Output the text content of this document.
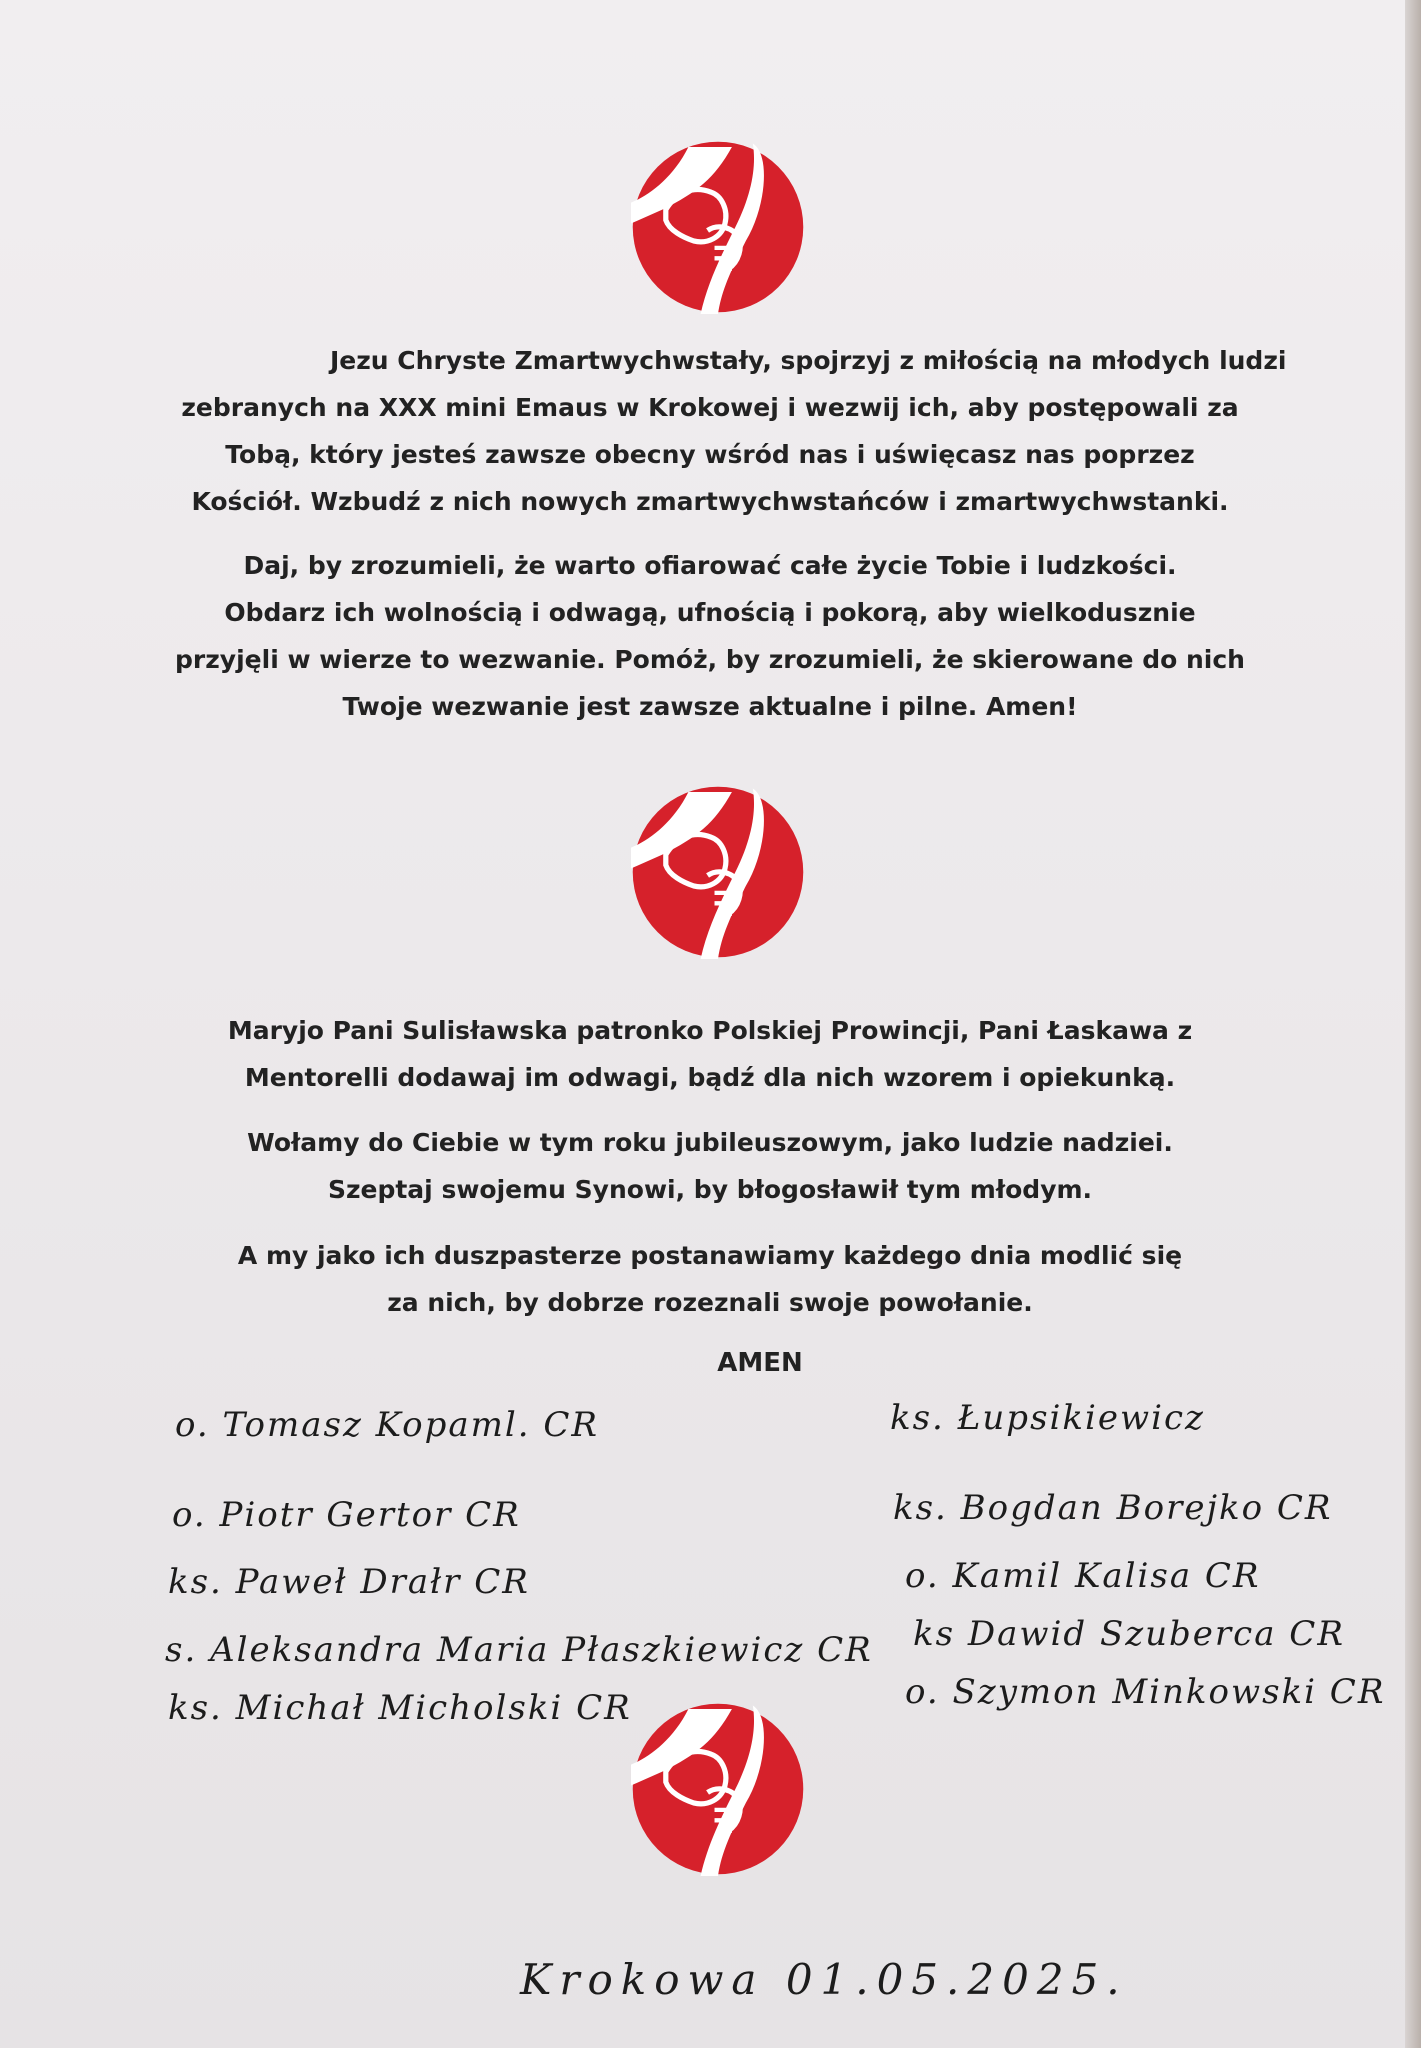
Jezu Chryste Zmartwychwstały, spojrzyj z miłością na młodych ludzi
zebranych na XXX mini Emaus w Krokowej i wezwij ich, aby postępowali za
Tobą, który jesteś zawsze obecny wśród nas i uświęcasz nas poprzez
Kościół. Wzbudź z nich nowych zmartwychwstańców i zmartwychwstanki.
Daj, by zrozumieli, że warto ofiarować całe życie Tobie i ludzkości.
Obdarz ich wolnością i odwagą, ufnością i pokorą, aby wielkodusznie
przyjęli w wierze to wezwanie. Pomóż, by zrozumieli, że skierowane do nich
Twoje wezwanie jest zawsze aktualne i pilne. Amen!
Maryjo Pani Sulisławska patronko Polskiej Prowincji, Pani Łaskawa z
Mentorelli dodawaj im odwagi, bądź dla nich wzorem i opiekunką.
Wołamy do Ciebie w tym roku jubileuszowym, jako ludzie nadziei.
Szeptaj swojemu Synowi, by błogosławił tym młodym.
A my jako ich duszpasterze postanawiamy każdego dnia modlić się
za nich, by dobrze rozeznali swoje powołanie.
AMEN
o. Tomasz Kopaml. CR
o. Piotr Gertor CR
ks. Paweł Drałr CR
s. Aleksandra Maria Płaszkiewicz CR
ks. Michał Micholski CR
ks. Łupsikiewicz
ks. Bogdan Borejko CR
o. Kamil Kalisa CR
ks Dawid Szuberca CR
o. Szymon Minkowski CR
Krokowa 01.05.2025.
